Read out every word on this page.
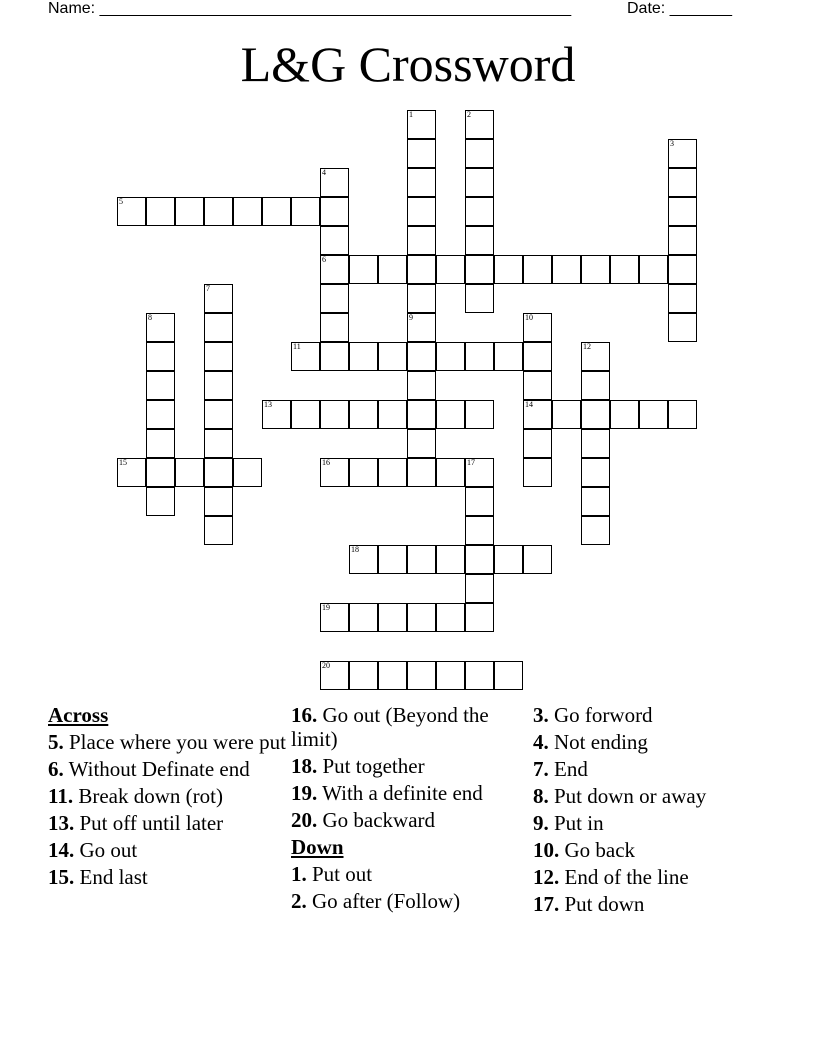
Name: _____________________________________________________	Date: _______
L&G Crossword
1	2
3
4
6
5
7
8	9	10
14
11	12
13
15	16	17
18
19
20
Across
5. Place where you were put
6. Without Definate end
11. Break down (rot)
13. Put off until later
14. Go out
15. End last
16. Go out (Beyond the limit)
18. Put together
19. With a definite end
20. Go backward
Down
1. Put out
2. Go after (Follow)
3. Go forword
4. Not ending
7. End
8. Put down or away
9. Put in
10. Go back
12. End of the line
17. Put down
